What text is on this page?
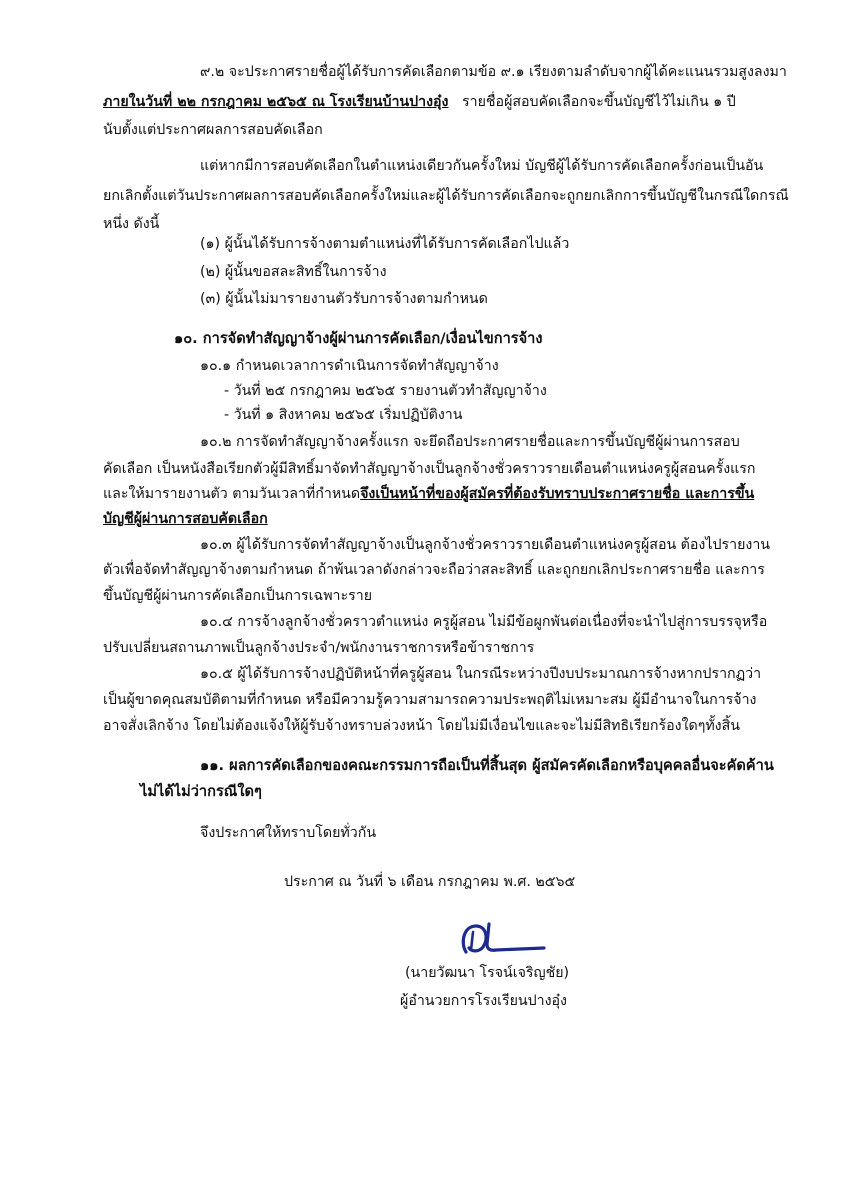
๙.๒ จะประกาศรายชื่อผู้ได้รับการคัดเลือกตามข้อ ๙.๑ เรียงตามลำดับจากผู้ได้คะแนนรวมสูงลงมา
ภายในวันที่ ๒๒ กรกฎาคม ๒๕๖๕ ณ โรงเรียนบ้านปางอุ๋ง รายชื่อผู้สอบคัดเลือกจะขึ้นบัญชีไว้ไม่เกิน ๑ ปี
นับตั้งแต่ประกาศผลการสอบคัดเลือก
แต่หากมีการสอบคัดเลือกในตำแหน่งเดียวกันครั้งใหม่ บัญชีผู้ได้รับการคัดเลือกครั้งก่อนเป็นอัน
ยกเลิกตั้งแต่วันประกาศผลการสอบคัดเลือกครั้งใหม่และผู้ได้รับการคัดเลือกจะถูกยกเลิกการขึ้นบัญชีในกรณีใดกรณี
หนึ่ง ดังนี้
(๑) ผู้นั้นได้รับการจ้างตามตำแหน่งที่ได้รับการคัดเลือกไปแล้ว
(๒) ผู้นั้นขอสละสิทธิ์ในการจ้าง
(๓) ผู้นั้นไม่มารายงานตัวรับการจ้างตามกำหนด
๑๐. การจัดทำสัญญาจ้างผู้ผ่านการคัดเลือก/เงื่อนไขการจ้าง
๑๐.๑ กำหนดเวลาการดำเนินการจัดทำสัญญาจ้าง
- วันที่ ๒๕ กรกฎาคม ๒๕๖๕ รายงานตัวทำสัญญาจ้าง
- วันที่ ๑ สิงหาคม ๒๕๖๕ เริ่มปฏิบัติงาน
๑๐.๒ การจัดทำสัญญาจ้างครั้งแรก จะยึดถือประกาศรายชื่อและการขึ้นบัญชีผู้ผ่านการสอบ
คัดเลือก เป็นหนังสือเรียกตัวผู้มีสิทธิ์มาจัดทำสัญญาจ้างเป็นลูกจ้างชั่วคราวรายเดือนตำแหน่งครูผู้สอนครั้งแรก
และให้มารายงานตัว ตามวันเวลาที่กำหนดจึงเป็นหน้าที่ของผู้สมัครที่ต้องรับทราบประกาศรายชื่อ และการขึ้น
บัญชีผู้ผ่านการสอบคัดเลือก
๑๐.๓ ผู้ได้รับการจัดทำสัญญาจ้างเป็นลูกจ้างชั่วคราวรายเดือนตำแหน่งครูผู้สอน ต้องไปรายงาน
ตัวเพื่อจัดทำสัญญาจ้างตามกำหนด ถ้าพ้นเวลาดังกล่าวจะถือว่าสละสิทธิ์ และถูกยกเลิกประกาศรายชื่อ และการ
ขึ้นบัญชีผู้ผ่านการคัดเลือกเป็นการเฉพาะราย
๑๐.๔ การจ้างลูกจ้างชั่วคราวตำแหน่ง ครูผู้สอน ไม่มีข้อผูกพันต่อเนื่องที่จะนำไปสู่การบรรจุหรือ
ปรับเปลี่ยนสถานภาพเป็นลูกจ้างประจำ/พนักงานราชการหรือข้าราชการ
๑๐.๕ ผู้ได้รับการจ้างปฏิบัติหน้าที่ครูผู้สอน ในกรณีระหว่างปีงบประมาณการจ้างหากปรากฏว่า
เป็นผู้ขาดคุณสมบัติตามที่กำหนด หรือมีความรู้ความสามารถความประพฤติไม่เหมาะสม ผู้มีอำนาจในการจ้าง
อาจสั่งเลิกจ้าง โดยไม่ต้องแจ้งให้ผู้รับจ้างทราบล่วงหน้า โดยไม่มีเงื่อนไขและจะไม่มีสิทธิเรียกร้องใดๆทั้งสิ้น
๑๑. ผลการคัดเลือกของคณะกรรมการถือเป็นที่สิ้นสุด ผู้สมัครคัดเลือกหรือบุคคลอื่นจะคัดค้าน
ไม่ได้ไม่ว่ากรณีใดๆ
จึงประกาศให้ทราบโดยทั่วกัน
ประกาศ ณ วันที่ ๖ เดือน กรกฎาคม พ.ศ. ๒๕๖๕
(นายวัฒนา โรจน์เจริญชัย)
ผู้อำนวยการโรงเรียนปางอุ๋ง
